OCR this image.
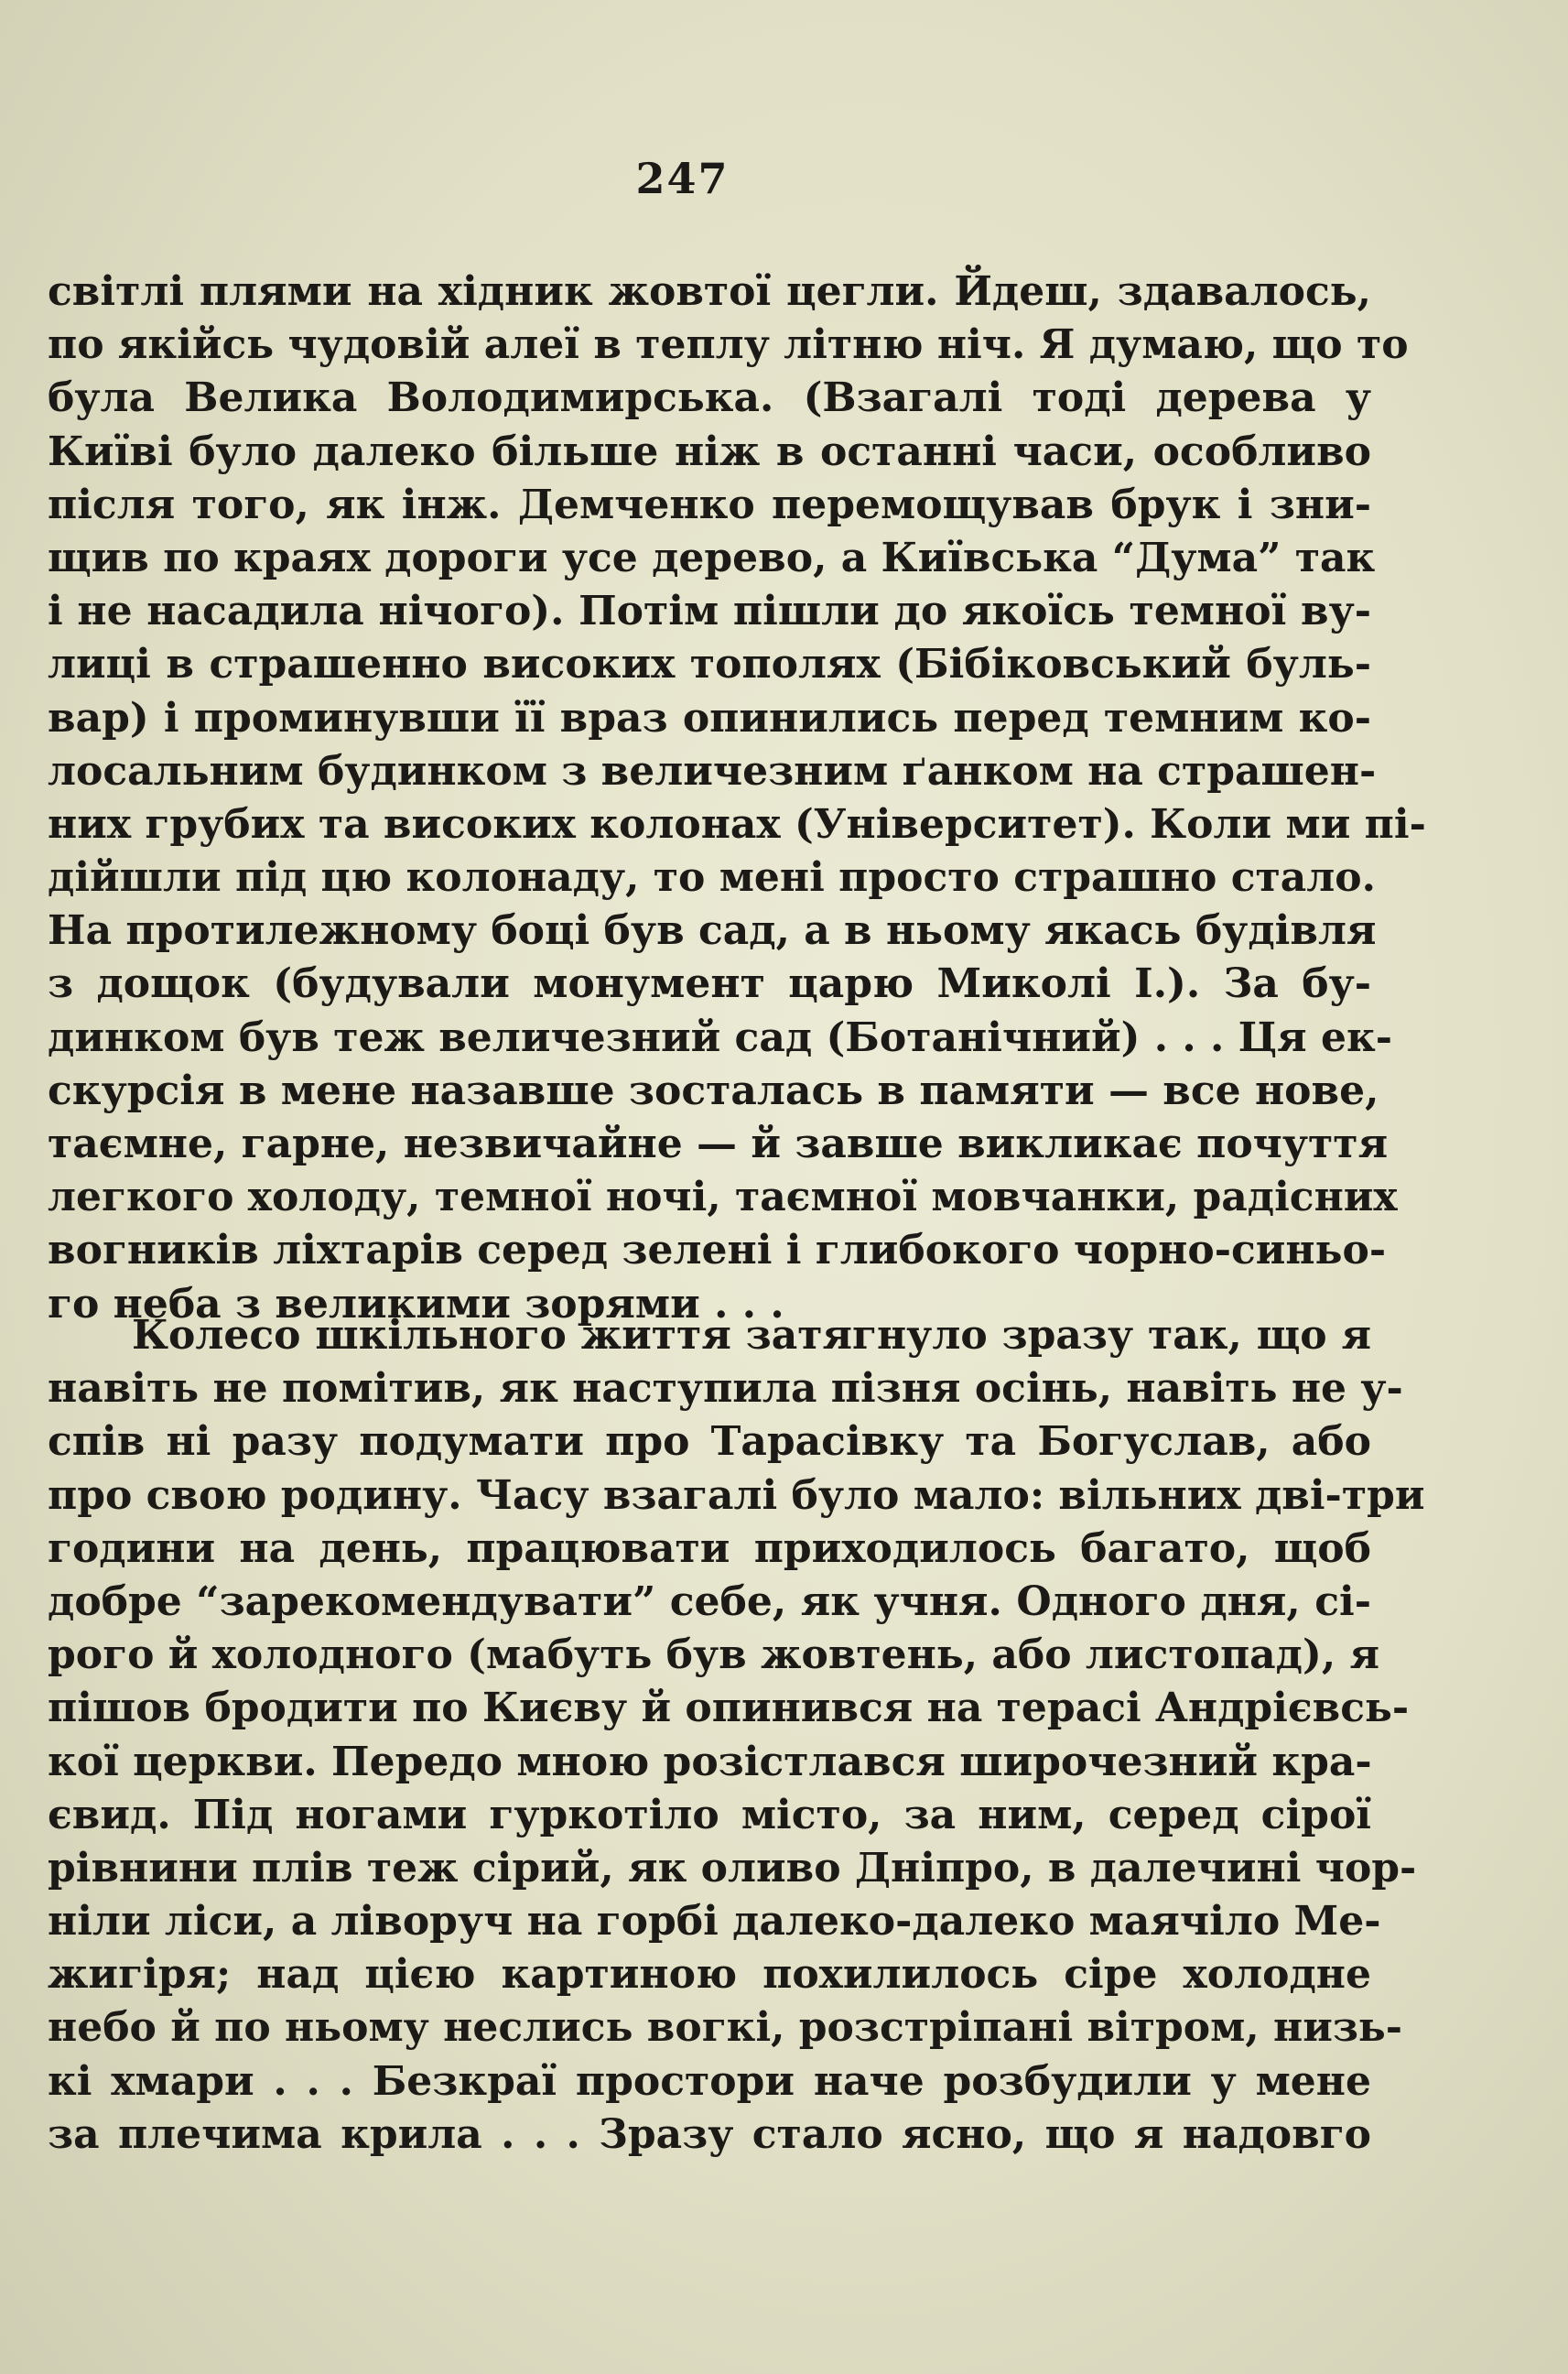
247
світлі плями на хідник жовтої цегли. Йдеш, здавалось,
по якійсь чудовій алеї в теплу літню ніч. Я думаю, що то
була Велика Володимирська. (Взагалі тоді дерева у
Київі було далеко більше ніж в останні часи, особливо
після того, як інж. Демченко перемощував брук і зни-
щив по краях дороги усе дерево, а Київська “Дума” так
і не насадила нічого). Потім пішли до якоїсь темної ву-
лиці в страшенно високих тополях (Бібіковський буль-
вар) і проминувши її враз опинились перед темним ко-
лосальним будинком з величезним ґанком на страшен-
них грубих та високих колонах (Університет). Коли ми пі-
дійшли під цю колонаду, то мені просто страшно стало.
На протилежному боці був сад, а в ньому якась будівля
з дощок (будували монумент царю Миколі І.). За бу-
динком був теж величезний сад (Ботанічний) . . . Ця ек-
скурсія в мене назавше зосталась в памяти — все нове,
таємне, гарне, незвичайне — й завше викликає почуття
легкого холоду, темної ночі, таємної мовчанки, радісних
вогників ліхтарів серед зелені і глибокого чорно-синьо-
го неба з великими зорями . . .
Колесо шкільного життя затягнуло зразу так, що я
навіть не помітив, як наступила пізня осінь, навіть не у-
спів ні разу подумати про Тарасівку та Богуслав, або
про свою родину. Часу взагалі було мало: вільних дві-три
години на день, працювати приходилось багато, щоб
добре “зарекомендувати” себе, як учня. Одного дня, сі-
рого й холодного (мабуть був жовтень, або листопад), я
пішов бродити по Києву й опинився на терасі Андрієвсь-
кої церкви. Передо мною розістлався широчезний кра-
євид. Під ногами гуркотіло місто, за ним, серед сірої
рівнини плів теж сірий, як оливо Дніпро, в далечині чор-
ніли ліси, а ліворуч на горбі далеко-далеко маячіло Ме-
жигіря; над цією картиною похилилось сіре холодне
небо й по ньому неслись вогкі, розстріпані вітром, низь-
кі хмари . . . Безкраї простори наче розбудили у мене
за плечима крила . . . Зразу стало ясно, що я надовго
